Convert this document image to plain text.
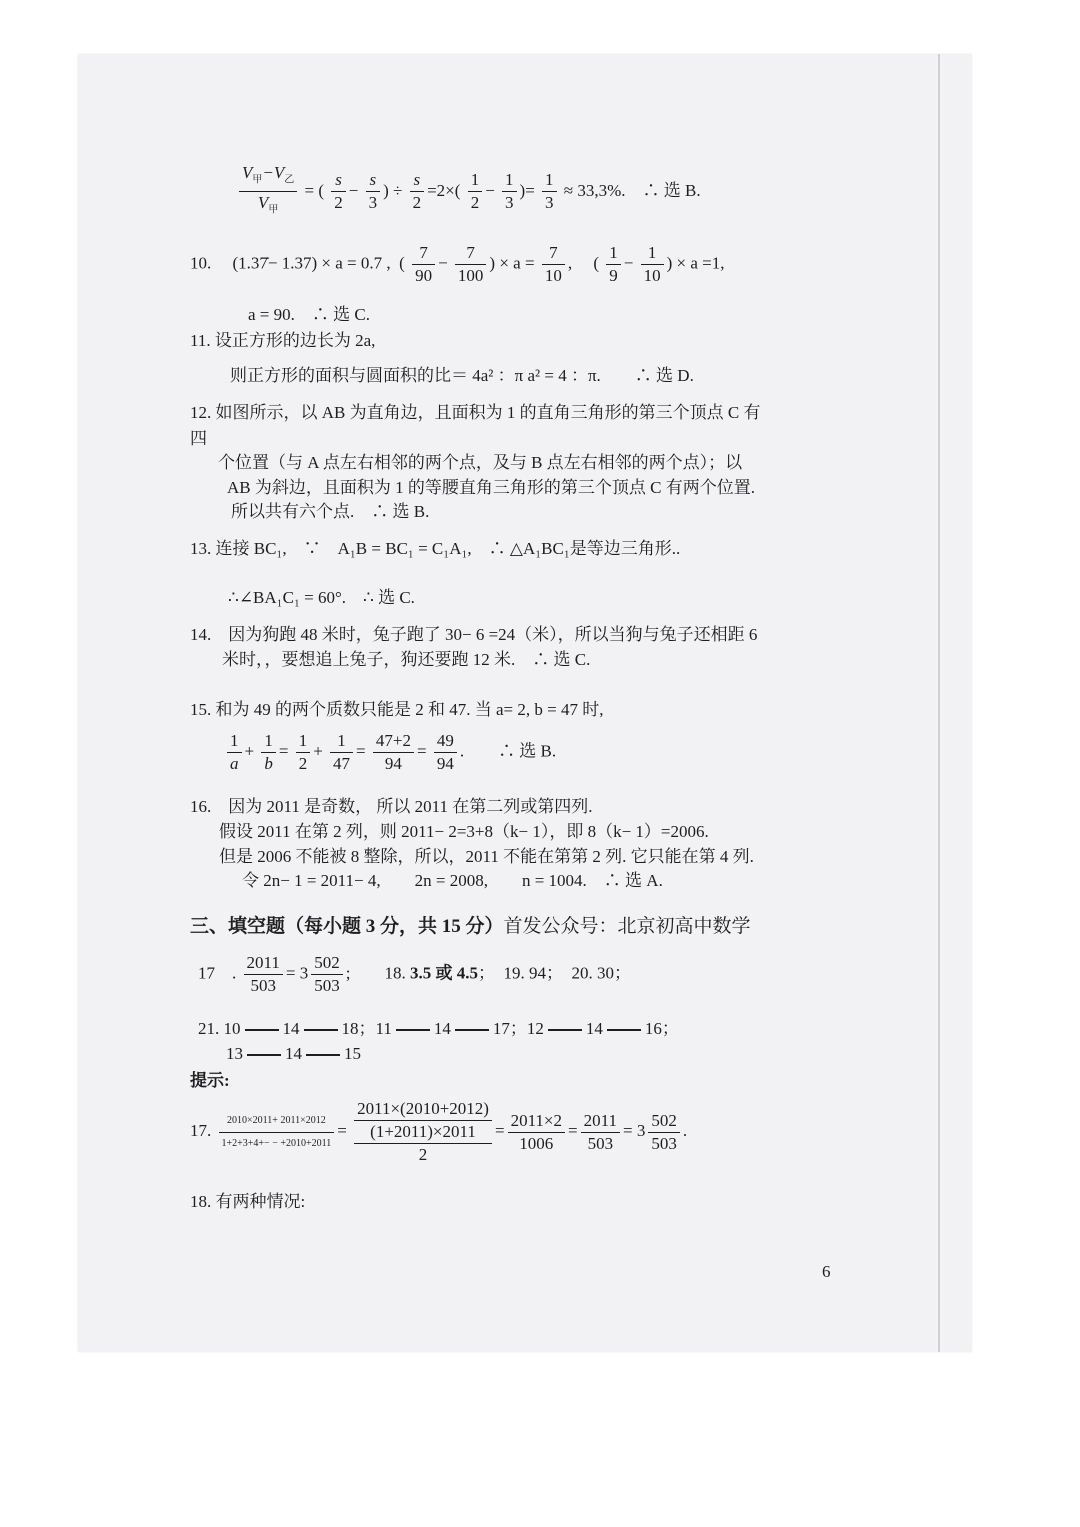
$\frac{V_甲-V_乙}{V_甲}$ = ( $\frac{s}{2} - \frac{s}{3}$ ) ÷ $\frac{s}{2} =2\times( \frac{1}{2} - \frac{1}{3}$ )= $\frac{1}{3} \approx 33,3\%$.　∴ 选 B.
10. (1.37̇− 1.37) × a = 0.7 ,  ( $\frac{7}{90} - \frac{7}{100}$ ) × $a = \frac{7}{10}$ ,     ( $\frac{1}{9} - \frac{1}{10}$ ) × a =1,
a = 90.　∴ 选 C.
11. 设正方形的边长为 2a,
则正方形的面积与圆面积的比＝ 4a² ：π a² = 4 ：π.　　∴ 选 D.
12. 如图所示，以 AB 为直角边，且面积为 1 的直角三角形的第三个顶点 C 有
四
个位置（与 A 点左右相邻的两个点，及与 B 点左右相邻的两个点）；以
AB 为斜边，且面积为 1 的等腰直角三角形的第三个顶点 C 有两个位置.
所以共有六个点.　∴ 选 B.
13. 连接 BC₁,　∵　A₁B = BC₁ = C₁A₁,　∴ △A₁BC₁是等边三角形..
∴∠BA₁C₁ = 60°.　∴ 选 C.
14.　因为狗跑 48 米时，兔子跑了 30− 6 =24（米），所以当狗与兔子还相距 6
米时，，要想追上兔子，狗还要跑 12 米.　∴ 选 C.
15. 和为 49 的两个质数只能是 2 和 47. 当 a= 2, b = 47 时,
$\frac{1}{a} + \frac{1}{b} = \frac{1}{2} + \frac{1}{47} = \frac{47+2}{94} = \frac{49}{94}$ .        ∴ 选 B.
16.　因为 2011 是奇数， 所以 2011 在第二列或第四列.
假设 2011 在第 2 列，则 2011− 2=3+8（k− 1），即 8（k− 1）=2006.
但是 2006 不能被 8 整除，所以，2011 不能在第第 2 列. 它只能在第 4 列.
令 2n− 1 = 2011− 4,　　2n = 2008,　　n = 1004.　∴ 选 A.
三、填空题（每小题 3 分，共 15 分）首发公众号：北京初高中数学
17    . $\frac{2011}{503} = 3 \frac{502}{503}$ ; 18. 3.5 或 4.5；　19. 94；　20. 30；
21. 10 14 18；11 14 17；12 14 16；
13 14 15
提示:
17. $\frac{2010\times 2011+ 2011\times 2012}{1+2+3+4+- - +2010+2011}$ =
2011×(2010+2012)
(1+2011)×2011
2
= $\frac{2011\times 2}{1006} = \frac{2011}{503} = 3 \frac{502}{503}$ .
18. 有两种情况:
6
